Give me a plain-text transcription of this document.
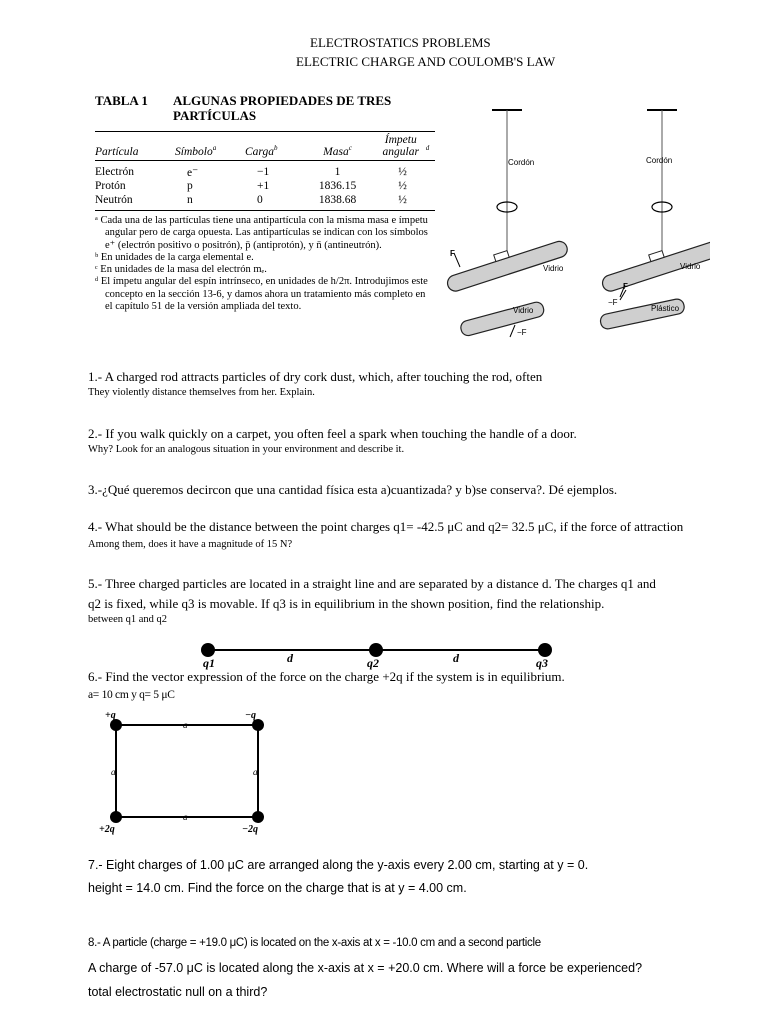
ELECTROSTATICS PROBLEMS
ELECTRIC CHARGE AND COULOMB'S LAW
TABLA 1	ALGUNAS PROPIEDADES DE TRES PARTÍCULAS
Partícula	Símbolo$^a$	Carga$^b$	Masa$^c$	Ímpetu angular $^d$
Electrón	e⁻	−1	1	½
Protón	p	+1	1836.15	½
Neutrón	n	0	1838.68	½
ᵃ Cada una de las partículas tiene una antipartícula con la misma masa e ímpetu angular pero de carga opuesta. Las antipartículas se indican con los símbolos e⁺ (electrón positivo o positrón), p̄ (antiprotón), y n̄ (antineutrón).
ᵇ En unidades de la carga elemental e.
ᶜ En unidades de la masa del electrón mₑ.
ᵈ El ímpetu angular del espín intrínseco, en unidades de h/2π. Introdujimos este concepto en la sección 13-6, y damos ahora un tratamiento más completo en el capítulo 51 de la versión ampliada del texto.
Cordón	Cordón
Vidrio	Vidrio
Vidrio	Plástico
F
F
−F
−F
1.- A charged rod attracts particles of dry cork dust, which, after touching the rod, often
They violently distance themselves from her. Explain.
2.- If you walk quickly on a carpet, you often feel a spark when touching the handle of a door.
Why? Look for an analogous situation in your environment and describe it.
3.-¿Qué queremos decircon que una cantidad física esta a)cuantizada? y b)se conserva?. Dé ejemplos.
4.- What should be the distance between the point charges q1= -42.5 μC and q2= 32.5 μC, if the force of attraction
Among them, does it have a magnitude of 15 N?
5.- Three charged particles are located in a straight line and are separated by a distance d. The charges q1 and
q2 is fixed, while q3 is movable. If q3 is in equilibrium in the shown position, find the relationship.
between q1 and q2
q1	q2	q3
d	d
6.- Find the vector expression of the force on the charge +2q if the system is in equilibrium.
a= 10 cm y q= 5 μC
+q	−q
+2q	−2q
a
a
a	a
7.- Eight charges of 1.00 μC are arranged along the y-axis every 2.00 cm, starting at y = 0.
height = 14.0 cm. Find the force on the charge that is at y = 4.00 cm.
8.- A particle (charge = +19.0 μC) is located on the x-axis at x = -10.0 cm and a second particle
A charge of -57.0 μC is located along the x-axis at x = +20.0 cm. Where will a force be experienced?
total electrostatic null on a third?
